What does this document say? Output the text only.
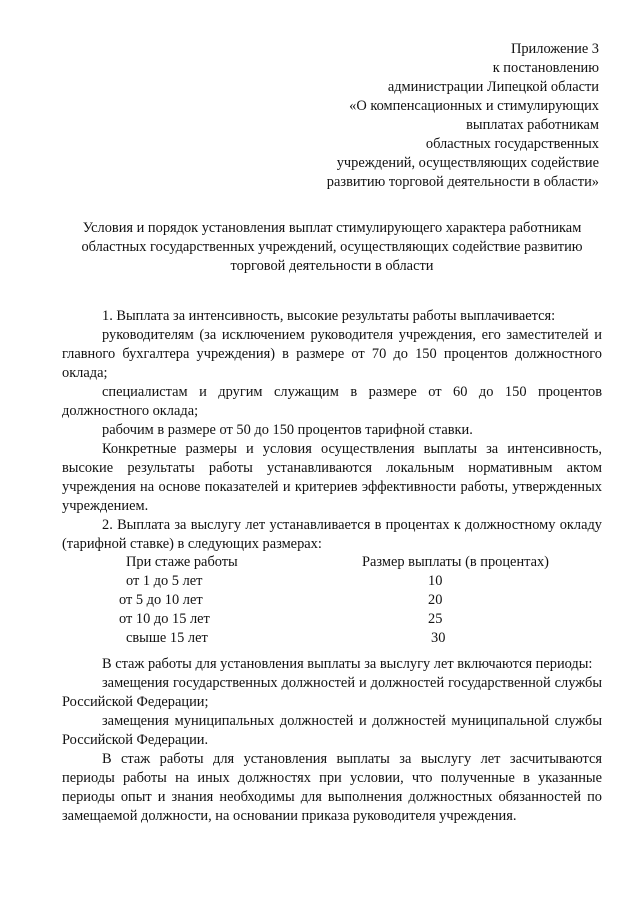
Приложение 3
к постановлению
администрации Липецкой области
«О компенсационных и стимулирующих
выплатах работникам
областных государственных
учреждений, осуществляющих содействие
развитию торговой деятельности в области»
Условия и порядок установления выплат стимулирующего характера работникам
областных государственных учреждений, осуществляющих содействие развитию
торговой деятельности в области

1. Выплата за интенсивность, высокие результаты работы выплачивается:

руководителям (за исключением руководителя учреждения, его заместителей и главного бухгалтера учреждения) в размере от 70 до 150 процентов должностного оклада;

специалистам и другим служащим в размере от 60 до 150 процентов должностного оклада;

рабочим в размере от 50 до 150 процентов тарифной ставки.

Конкретные размеры и условия осуществления выплаты за интенсивность, высокие результаты работы устанавливаются локальным нормативным актом учреждения на основе показателей и критериев эффективности работы, утвержденных учреждением.

2. Выплата за выслугу лет устанавливается в процентах к должностному окладу (тарифной ставке) в следующих размерах:

При стаже работы	Размер выплаты (в процентах)
от 1 до 5 лет	10
от 5 до 10 лет	20
от 10 до 15 лет	25
свыше 15 лет	30

В стаж работы для установления выплаты за выслугу лет включаются периоды:

замещения государственных должностей и должностей государственной службы Российской Федерации;

замещения муниципальных должностей и должностей муниципальной службы Российской Федерации.

В стаж работы для установления выплаты за выслугу лет засчитываются периоды работы на иных должностях при условии, что полученные в указанные периоды опыт и знания необходимы для выполнения должностных обязанностей по замещаемой должности, на основании приказа руководителя учреждения.
